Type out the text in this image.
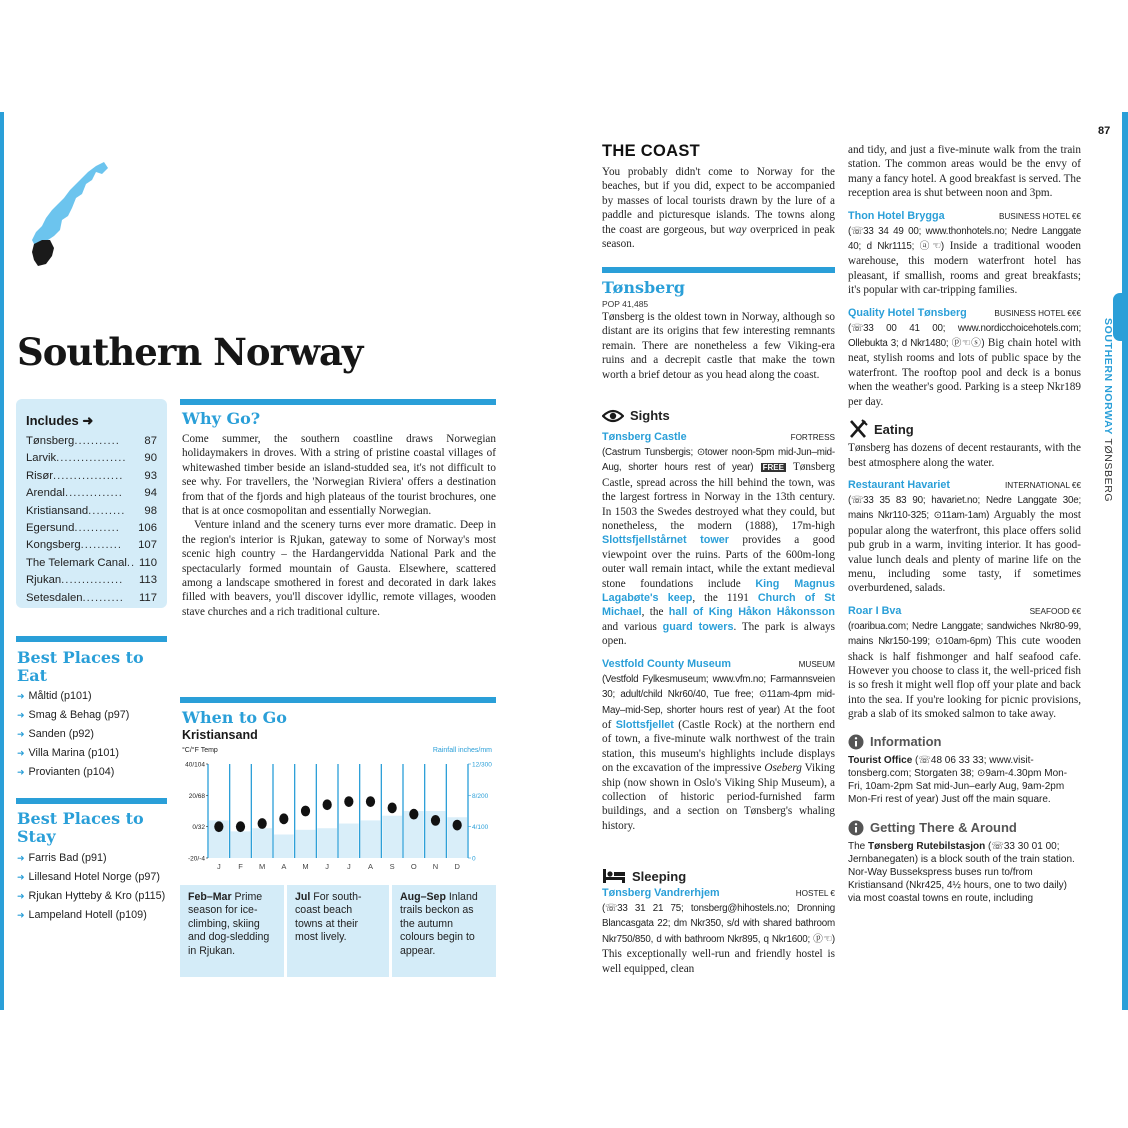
Southern Norway
Includes ➜
Tønsberg ...........	87
Larvik .................	90
Risør .................	93
Arendal ..............	94
Kristiansand .........	98
Egersund ...........	106
Kongsberg ..........	107
The Telemark Canal .. 110
Rjukan ...............	113
Setesdalen ..........	117
Best Places to Eat
➜ Måltid (p101)
➜ Smag & Behag (p97)
➜ Sanden (p92)
➜ Villa Marina (p101)
➜ Provianten (p104)
Best Places to Stay
➜ Farris Bad (p91)
➜ Lillesand Hotel Norge (p97)
➜ Rjukan Hytteby & Kro (p115)
➜ Lampeland Hotell (p109)
Why Go?

Come summer, the southern coastline draws Norwegian holidaymakers in droves. With a string of pristine coastal villages of whitewashed timber beside an island-studded sea, it's not difficult to see why. For travellers, the 'Norwegian Riviera' offers a destination from that of the fjords and high plateaus of the tourist brochures, one that is at once cosmopolitan and essentially Norwegian.

Venture inland and the scenery turns ever more dramatic. Deep in the region's interior is Rjukan, gateway to some of Norway's most scenic high country – the Hardangervidda National Park and the spectacularly formed mountain of Gausta. Elsewhere, scattered among a landscape smothered in forest and decorated in dark lakes filled with beavers, you'll discover idyllic, remote villages, wooden stave churches and a rich traditional culture.

When to Go
Kristiansand
°C/°F Temp	Rainfall inches/mm
40/104
20/68
0/32
-20/-4
12/300
8/200
4/100
0
J F M A M J J A S O N D
Feb–Mar Prime season for ice-climbing, skiing and dog-sledding in Rjukan.
Jul For south-coast beach towns at their most lively.
Aug–Sep Inland trails beckon as the autumn colours begin to appear.
87
SOUTHERN NORWAY TØNSBERG
THE COAST
You probably didn't come to Norway for the beaches, but if you did, expect to be accompanied by masses of local tourists drawn by the lure of a paddle and picturesque islands. The towns along the coast are gorgeous, but way overpriced in peak season.
Tønsberg
POP 41,485
Tønsberg is the oldest town in Norway, although so distant are its origins that few interesting remnants remain. There are nonetheless a few Viking-era ruins and a decrepit castle that make the town worth a brief detour as you head along the coast.
Sights
Tønsberg Castle	FORTRESS
(Castrum Tunsbergis; ⊙tower noon-5pm mid-Jun–mid-Aug, shorter hours rest of year) FREE Tønsberg Castle, spread across the hill behind the town, was the largest fortress in Norway in the 13th century. In 1503 the Swedes destroyed what they could, but nonetheless, the modern (1888), 17m-high Slottsfjellstårnet tower provides a good viewpoint over the ruins. Parts of the 600m-long outer wall remain intact, while the extant medieval stone foundations include King Magnus Lagabøte's keep, the 1191 Church of St Michael, the hall of King Håkon Håkonsson and various guard towers. The park is always open.
Vestfold County Museum	MUSEUM
(Vestfold Fylkesmuseum; www.vfm.no; Farmannsveien 30; adult/child Nkr60/40, Tue free; ⊙11am-4pm mid-May–mid-Sep, shorter hours rest of year) At the foot of Slottsfjellet (Castle Rock) at the northern end of town, a five-minute walk northwest of the train station, this museum's highlights include displays on the excavation of the impressive Oseberg Viking ship (now shown in Oslo's Viking Ship Museum), a collection of historic period-furnished farm buildings, and a section on Tønsberg's whaling history.
Sleeping
Tønsberg Vandrerhjem	HOSTEL €
(☏33 31 21 75; tonsberg@hihostels.no; Dronning Blancasgata 22; dm Nkr350, s/d with shared bathroom Nkr750/850, d with bathroom Nkr895, q Nkr1600; ⓟ☜) This exceptionally well-run and friendly hostel is well equipped, clean
and tidy, and just a five-minute walk from the train station. The common areas would be the envy of many a fancy hotel. A good breakfast is served. The reception area is shut between noon and 3pm.
Thon Hotel Brygga	BUSINESS HOTEL €€
(☏33 34 49 00; www.thonhotels.no; Nedre Langgate 40; d Nkr1115; ⓐ☜) Inside a traditional wooden warehouse, this modern waterfront hotel has pleasant, if smallish, rooms and great breakfasts; it's popular with car-tripping families.
Quality Hotel Tønsberg	BUSINESS HOTEL €€€
(☏33 00 41 00; www.nordicchoicehotels.com; Ollebukta 3; d Nkr1480; ⓟ☜ⓢ) Big chain hotel with neat, stylish rooms and lots of public space by the waterfront. The rooftop pool and deck is a bonus when the weather's good. Parking is a steep Nkr189 per day.
Eating
Tønsberg has dozens of decent restaurants, with the best atmosphere along the water.
Restaurant Havariet	INTERNATIONAL €€
(☏33 35 83 90; havariet.no; Nedre Langgate 30e; mains Nkr110-325; ⊙11am-1am) Arguably the most popular along the waterfront, this place offers solid pub grub in a warm, inviting interior. It has good-value lunch deals and plenty of marine life on the menu, including some tasty, if sometimes overburdened, salads.
Roar I Bva	SEAFOOD €€
(roaribua.com; Nedre Langgate; sandwiches Nkr80-99, mains Nkr150-199; ⊙10am-6pm) This cute wooden shack is half fishmonger and half seafood cafe. However you choose to class it, the well-priced fish is so fresh it might well flop off your plate and back into the sea. If you're looking for picnic provisions, grab a slab of its smoked salmon to take away.
Information
Tourist Office (☏48 06 33 33; www.visit-tonsberg.com; Storgaten 38; ⊙9am-4.30pm Mon-Fri, 10am-2pm Sat mid-Jun–early Aug, 9am-2pm Mon-Fri rest of year) Just off the main square.
Getting There & Around
The Tønsberg Rutebilstasjon (☏33 30 01 00; Jernbanegaten) is a block south of the train station. Nor-Way Bussekspress buses run to/from Kristiansand (Nkr425, 4½ hours, one to two daily) via most coastal towns en route, including
